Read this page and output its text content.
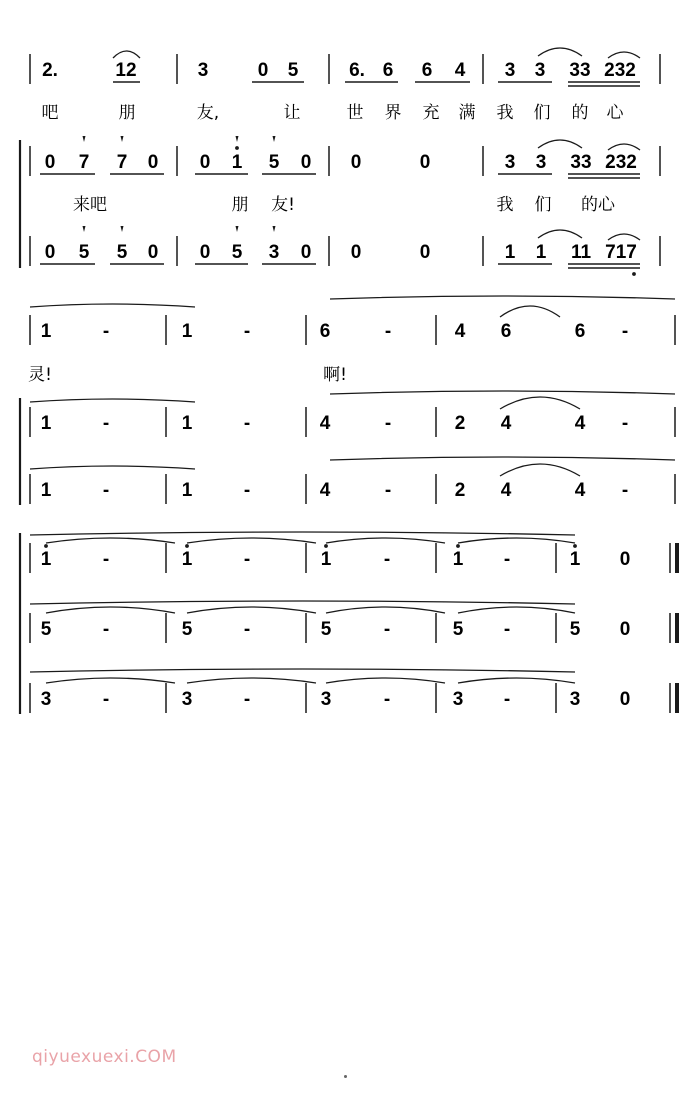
2.	12	3	0 5	6. 6 6 4 3 3 33 232
吧	朋	友,	让	世 界 充 满 我 们 的 心
0 7 7 0 0 1 5 0 0	0	3 3 33 232
来吧	朋 友!	我 们 的心
0 5 5 0 0 5 3 0 0	0	1 1 11 717
1	-	1	-	6	-	4 6	6 -
灵!	啊!
1	-	1	-	4	-	2 4	4 -
1	-	1	-	4	-	2 4	4 -
1	-	1	-	1	-	1 -	1 0
5	-	5	-	5	-	5 -	5 0
3	-	3	-	3	-	3 -	3 0
qiyuexuexi.COM
